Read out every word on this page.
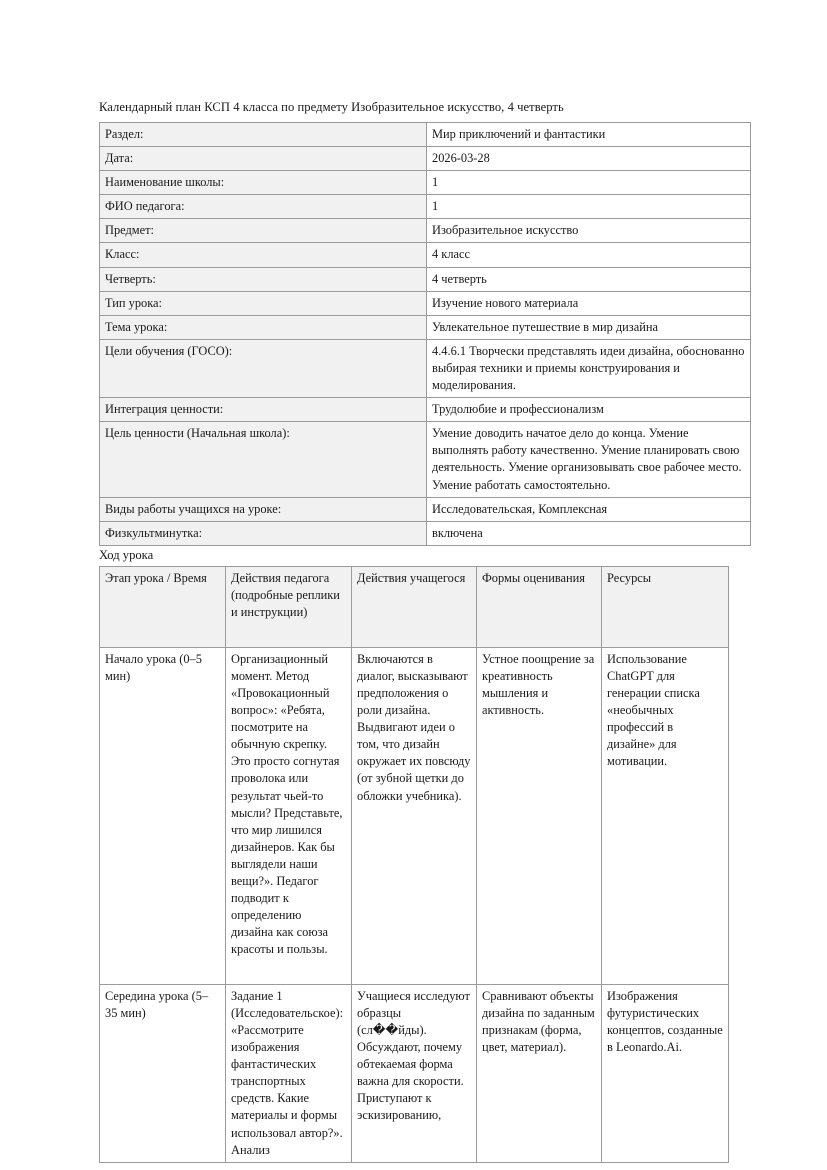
Календарный план КСП 4 класса по предмету Изобразительное искусство, 4 четверть

Раздел:	Мир приключений и фантастики
Дата:	2026-03-28
Наименование школы:	1
ФИО педагога:	1
Предмет:	Изобразительное искусство
Класс:	4 класс
Четверть:	4 четверть
Тип урока:	Изучение нового материала
Тема урока:	Увлекательное путешествие в мир дизайна
Цели обучения (ГОСО):	4.4.6.1 Творчески представлять идеи дизайна, обоснованно выбирая техники и приемы конструирования и моделирования.
Интеграция ценности:	Трудолюбие и профессионализм
Цель ценности (Начальная школа):	Умение доводить начатое дело до конца. Умение выполнять работу качественно. Умение планировать свою деятельность. Умение организовывать свое рабочее место. Умение работать самостоятельно.
Виды работы учащихся на уроке:	Исследовательская, Комплексная
Физкультминутка:	включена

Ход урока

Этап урока / Время	Действия педагога (подробные реплики и инструкции)	Действия учащегося	Формы оценивания	Ресурсы
Начало урока (0–5 мин)	Организационный момент. Метод «Провокационный вопрос»: «Ребята, посмотрите на обычную скрепку. Это просто согнутая проволока или результат чьей-то мысли? Представьте, что мир лишился дизайнеров. Как бы выглядели наши вещи?». Педагог подводит к определению дизайна как союза красоты и пользы.	Включаются в диалог, высказывают предположения о роли дизайна. Выдвигают идеи о том, что дизайн окружает их повсюду (от зубной щетки до обложки учебника).	Устное поощрение за креативность мышления и активность.	Использование ChatGPT для генерации списка «необычных профессий в дизайне» для мотивации.
Середина урока (5–35 мин)	Задание 1 (Исследовательское): «Рассмотрите изображения фантастических транспортных средств. Какие материалы и формы использовал автор?». Анализ	Учащиеся исследуют образцы (сл��йды). Обсуждают, почему обтекаемая форма важна для скорости. Приступают к эскизированию,	Сравнивают объекты дизайна по заданным признакам (форма, цвет, материал).	Изображения футуристических концептов, созданные в Leonardo.Ai.
